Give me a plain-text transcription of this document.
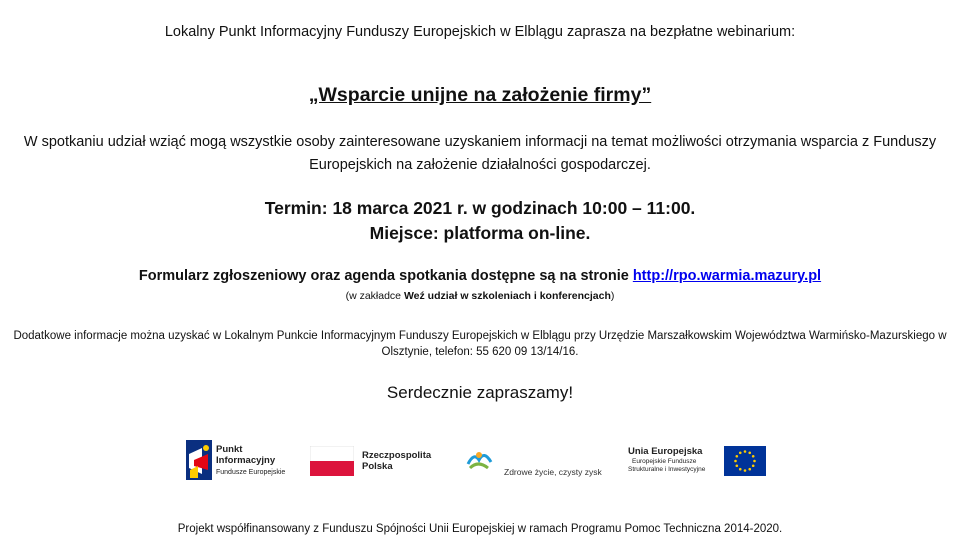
Lokalny Punkt Informacyjny Funduszy Europejskich w Elblągu zaprasza na bezpłatne webinarium:
„Wsparcie unijne na założenie firmy”
W spotkaniu udział wziąć mogą wszystkie osoby zainteresowane uzyskaniem informacji na temat możliwości otrzymania wsparcia z Funduszy Europejskich na założenie działalności gospodarczej.
Termin: 18 marca 2021 r. w godzinach 10:00 – 11:00.
Miejsce: platforma on-line.
Formularz zgłoszeniowy oraz agenda spotkania dostępne są na stronie http://rpo.warmia.mazury.pl
(w zakładce Weź udział w szkoleniach i konferencjach)
Dodatkowe informacje można uzyskać w Lokalnym Punkcie Informacyjnym Funduszy Europejskich w Elblągu przy Urzędzie Marszałkowskim Województwa Warmińsko-Mazurskiego w Olsztynie, telefon: 55 620 09 13/14/16.
Serdecznie zapraszamy!
Punkt
Informacyjny
Fundusze Europejskie
Rzeczpospolita
Polska	Zdrowe życie, czysty zysk
Unia Europejska
Europejskie Fundusze
Strukturalne i Inwestycyjne
Projekt współfinansowany z Funduszu Spójności Unii Europejskiej w ramach Programu Pomoc Techniczna 2014-2020.
